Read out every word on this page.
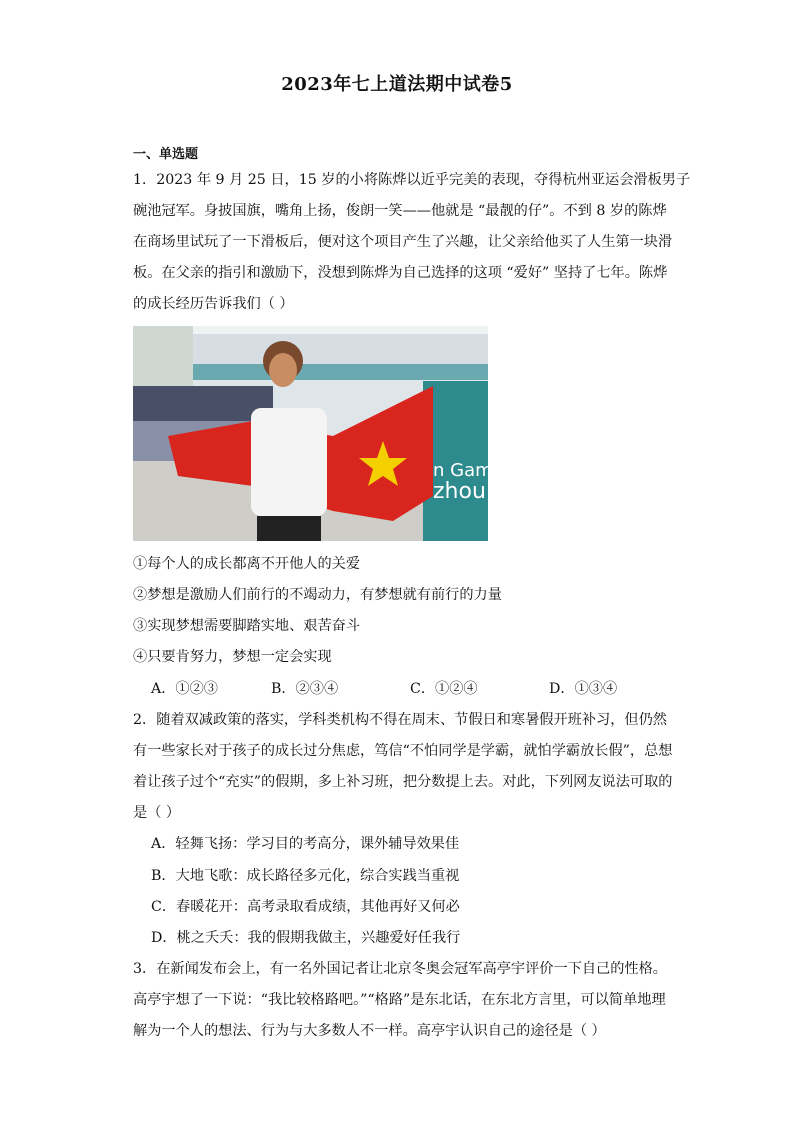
2023年七上道法期中试卷5
一、单选题
1．2023 年 9 月 25 日，15 岁的小将陈烨以近乎完美的表现，夺得杭州亚运会滑板男子
碗池冠军。身披国旗，嘴角上扬，俊朗一笑——他就是 “最靓的仔”。不到 8 岁的陈烨
在商场里试玩了一下滑板后，便对这个项目产生了兴趣，让父亲给他买了人生第一块滑
板。在父亲的指引和激励下，没想到陈烨为自己选择的这项 “爱好” 坚持了七年。陈烨
的成长经历告诉我们（ ）
n Games
zhou
①每个人的成长都离不开他人的关爱
②梦想是激励人们前行的不竭动力，有梦想就有前行的力量
③实现梦想需要脚踏实地、艰苦奋斗
④只要肯努力，梦想一定会实现
A．①②③	B．②③④	C．①②④	D．①③④
2．随着双减政策的落实，学科类机构不得在周末、节假日和寒暑假开班补习，但仍然
有一些家长对于孩子的成长过分焦虑，笃信“不怕同学是学霸，就怕学霸放长假”，总想
着让孩子过个“充实”的假期，多上补习班，把分数提上去。对此，下列网友说法可取的
是（ ）
A．轻舞飞扬：学习目的考高分，课外辅导效果佳
B．大地飞歌：成长路径多元化，综合实践当重视
C．春暖花开：高考录取看成绩，其他再好又何必
D．桃之夭夭：我的假期我做主，兴趣爱好任我行
3．在新闻发布会上，有一名外国记者让北京冬奥会冠军高亭宇评价一下自己的性格。
高亭宇想了一下说：“我比较格路吧。”“格路”是东北话，在东北方言里，可以简单地理
解为一个人的想法、行为与大多数人不一样。高亭宇认识自己的途径是（ ）
